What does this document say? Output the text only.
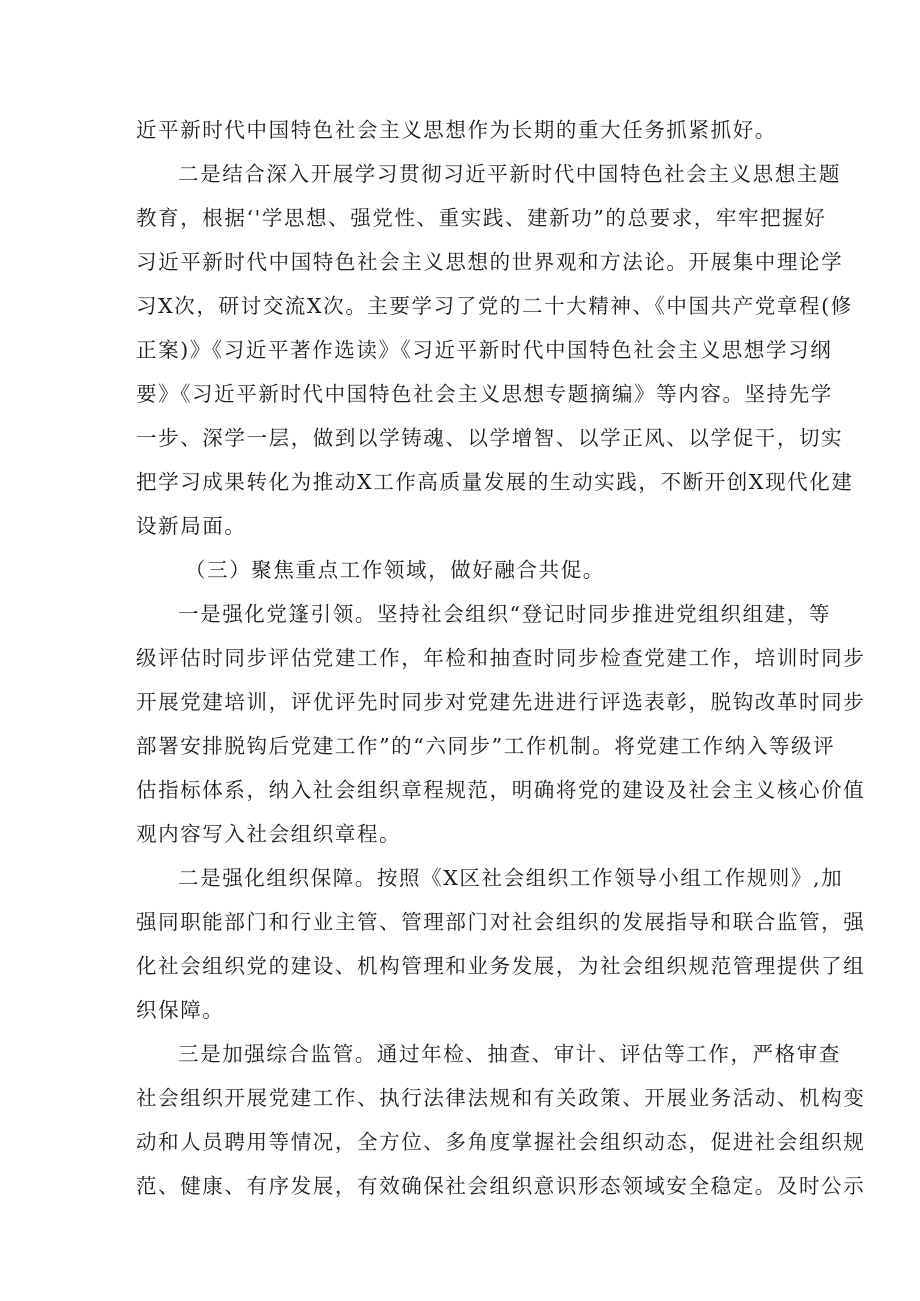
近平新时代中国特色社会主义思想作为长期的重大任务抓紧抓好。
二是结合深入开展学习贯彻习近平新时代中国特色社会主义思想主题
教育，根据‘'学思想、强党性、重实践、建新功”的总要求，牢牢把握好
习近平新时代中国特色社会主义思想的世界观和方法论。开展集中理论学
习X次，研讨交流X次。主要学习了党的二十大精神、《中国共产党章程(修
正案)》《习近平著作选读》《习近平新时代中国特色社会主义思想学习纲
要》《习近平新时代中国特色社会主义思想专题摘编》等内容。坚持先学
一步、深学一层，做到以学铸魂、以学增智、以学正风、以学促干，切实
把学习成果转化为推动X工作高质量发展的生动实践，不断开创X现代化建
设新局面。
（三）聚焦重点工作领域，做好融合共促。
一是强化党篷引领。坚持社会组织“登记时同步推进党组织组建，等
级评估时同步评估党建工作，年检和抽查时同步检查党建工作，培训时同步
开展党建培训，评优评先时同步对党建先进进行评选表彰，脱钩改革时同步
部署安排脱钩后党建工作”的“六同步”工作机制。将党建工作纳入等级评
估指标体系，纳入社会组织章程规范，明确将党的建设及社会主义核心价值
观内容写入社会组织章程。
二是强化组织保障。按照《X区社会组织工作领导小组工作规则》,加
强同职能部门和行业主管、管理部门对社会组织的发展指导和联合监管，强
化社会组织党的建设、机构管理和业务发展，为社会组织规范管理提供了组
织保障。
三是加强综合监管。通过年检、抽查、审计、评估等工作，严格审查
社会组织开展党建工作、执行法律法规和有关政策、开展业务活动、机构变
动和人员聘用等情况，全方位、多角度掌握社会组织动态，促进社会组织规
范、健康、有序发展，有效确保社会组织意识形态领域安全稳定。及时公示
